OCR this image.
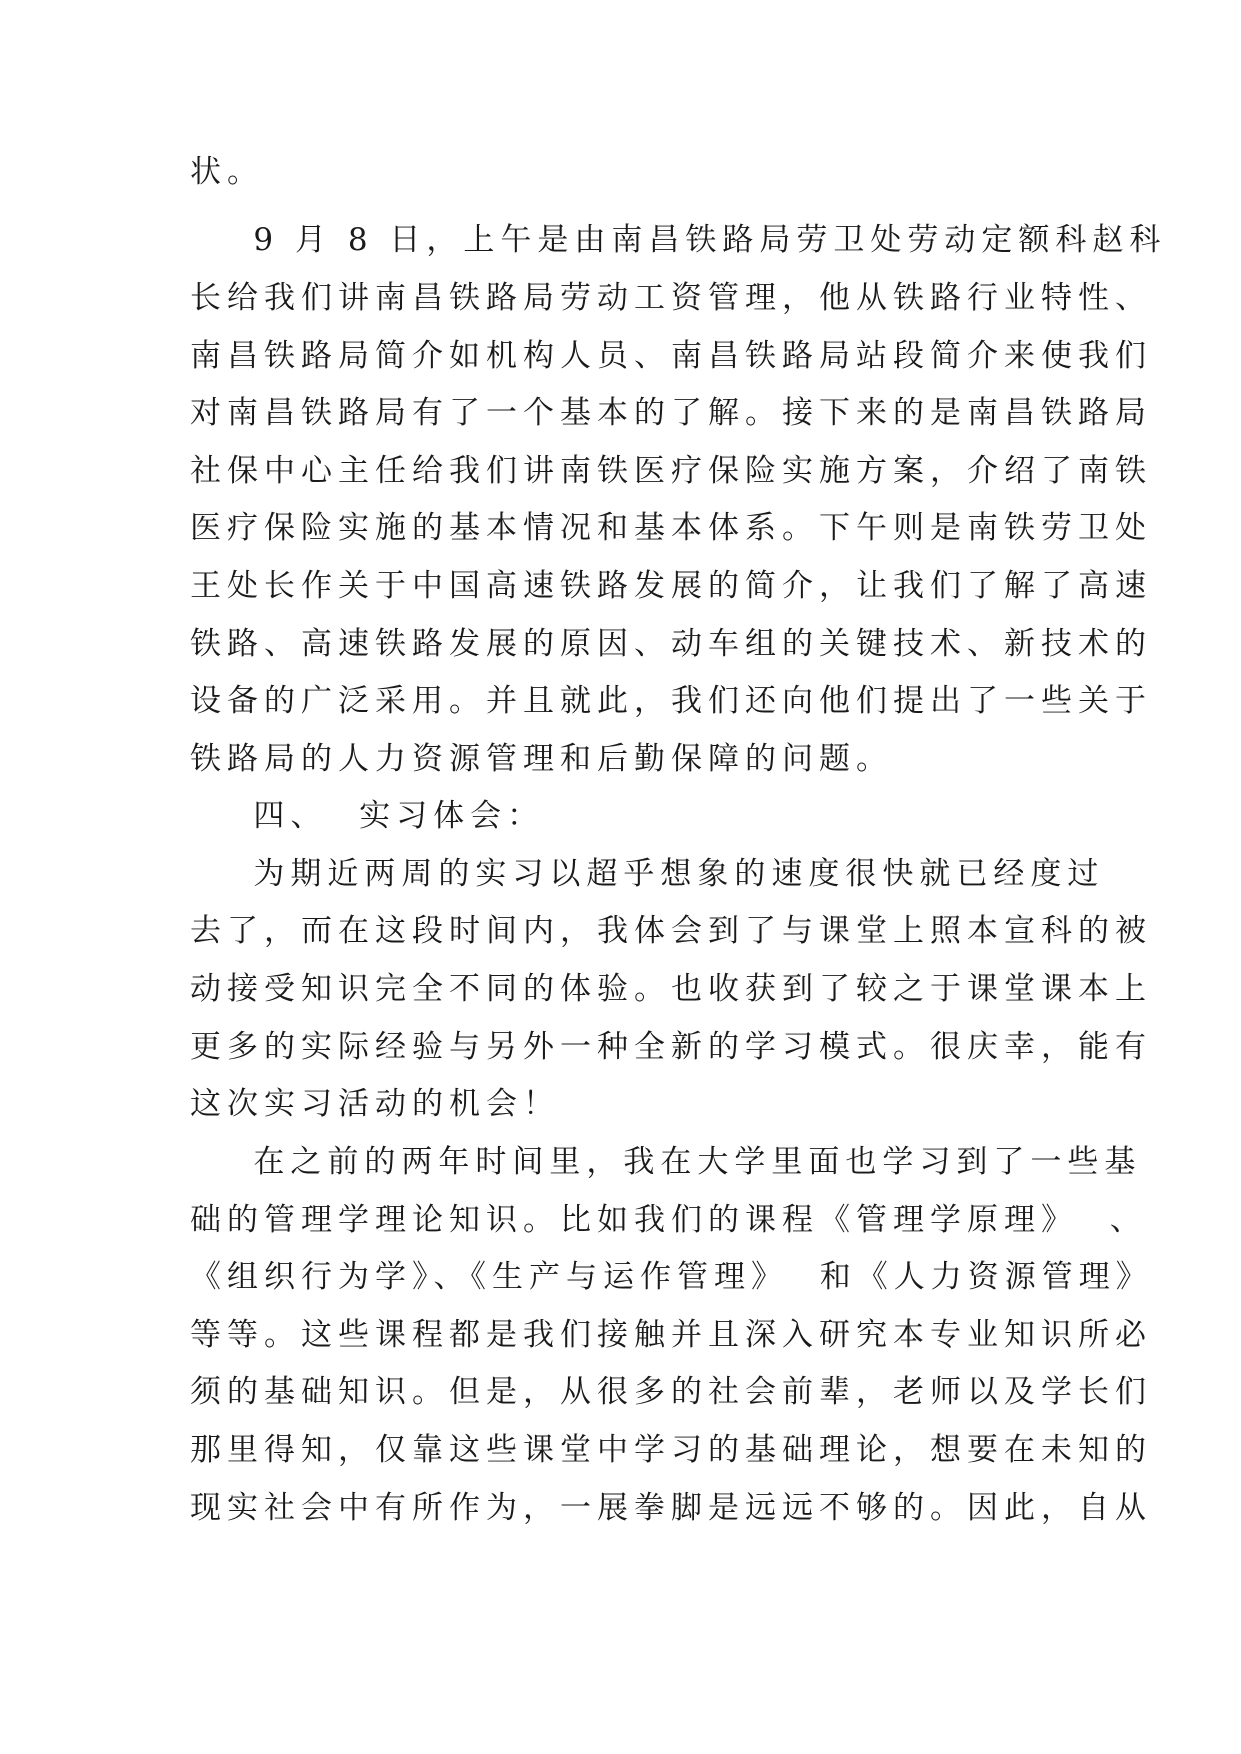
状。
9 月 8 日，上午是由南昌铁路局劳卫处劳动定额科赵科
长给我们讲南昌铁路局劳动工资管理，他从铁路行业特性、
南昌铁路局简介如机构人员、南昌铁路局站段简介来使我们
对南昌铁路局有了一个基本的了解。接下来的是南昌铁路局
社保中心主任给我们讲南铁医疗保险实施方案，介绍了南铁
医疗保险实施的基本情况和基本体系。下午则是南铁劳卫处
王处长作关于中国高速铁路发展的简介，让我们了解了高速
铁路、高速铁路发展的原因、动车组的关键技术、新技术的
设备的广泛采用。并且就此，我们还向他们提出了一些关于
铁路局的人力资源管理和后勤保障的问题。
四、  实习体会：
为期近两周的实习以超乎想象的速度很快就已经度过
去了，而在这段时间内，我体会到了与课堂上照本宣科的被
动接受知识完全不同的体验。也收获到了较之于课堂课本上
更多的实际经验与另外一种全新的学习模式。很庆幸，能有
这次实习活动的机会！
在之前的两年时间里，我在大学里面也学习到了一些基
础的管理学理论知识。比如我们的课程《管理学原理》  、
《组织行为学》、《生产与运作管理》  和《人力资源管理》
等等。这些课程都是我们接触并且深入研究本专业知识所必
须的基础知识。但是，从很多的社会前辈，老师以及学长们
那里得知，仅靠这些课堂中学习的基础理论，想要在未知的
现实社会中有所作为，一展拳脚是远远不够的。因此，自从
